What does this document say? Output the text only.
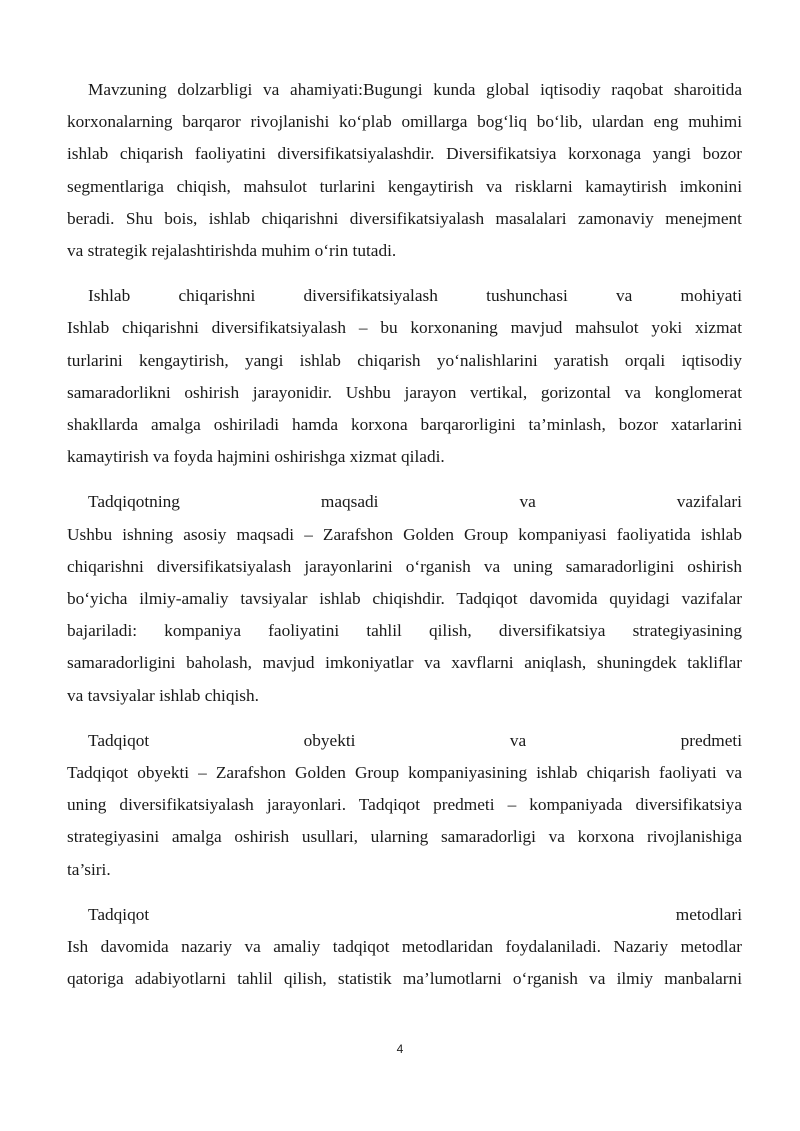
Mavzuning dolzarbligi va ahamiyati:Bugungi kunda global iqtisodiy raqobat sharoitida
korxonalarning barqaror rivojlanishi ko‘plab omillarga bog‘liq bo‘lib, ulardan eng muhimi
ishlab chiqarish faoliyatini diversifikatsiyalashdir. Diversifikatsiya korxonaga yangi bozor
segmentlariga chiqish, mahsulot turlarini kengaytirish va risklarni kamaytirish imkonini
beradi. Shu bois, ishlab chiqarishni diversifikatsiyalash masalalari zamonaviy menejment
va strategik rejalashtirishda muhim o‘rin tutadi.

Ishlab chiqarishni diversifikatsiyalash tushunchasi va mohiyati
Ishlab chiqarishni diversifikatsiyalash – bu korxonaning mavjud mahsulot yoki xizmat
turlarini kengaytirish, yangi ishlab chiqarish yo‘nalishlarini yaratish orqali iqtisodiy
samaradorlikni oshirish jarayonidir. Ushbu jarayon vertikal, gorizontal va konglomerat
shakllarda amalga oshiriladi hamda korxona barqarorligini ta’minlash, bozor xatarlarini
kamaytirish va foyda hajmini oshirishga xizmat qiladi.

Tadqiqotning maqsadi va vazifalari
Ushbu ishning asosiy maqsadi – Zarafshon Golden Group kompaniyasi faoliyatida ishlab
chiqarishni diversifikatsiyalash jarayonlarini o‘rganish va uning samaradorligini oshirish
bo‘yicha ilmiy-amaliy tavsiyalar ishlab chiqishdir. Tadqiqot davomida quyidagi vazifalar
bajariladi: kompaniya faoliyatini tahlil qilish, diversifikatsiya strategiyasining
samaradorligini baholash, mavjud imkoniyatlar va xavflarni aniqlash, shuningdek takliflar
va tavsiyalar ishlab chiqish.

Tadqiqot obyekti va predmeti
Tadqiqot obyekti – Zarafshon Golden Group kompaniyasining ishlab chiqarish faoliyati va
uning diversifikatsiyalash jarayonlari. Tadqiqot predmeti – kompaniyada diversifikatsiya
strategiyasini amalga oshirish usullari, ularning samaradorligi va korxona rivojlanishiga
ta’siri.

Tadqiqot metodlari
Ish davomida nazariy va amaliy tadqiqot metodlaridan foydalaniladi. Nazariy metodlar
qatoriga adabiyotlarni tahlil qilish, statistik ma’lumotlarni o‘rganish va ilmiy manbalarni

4
